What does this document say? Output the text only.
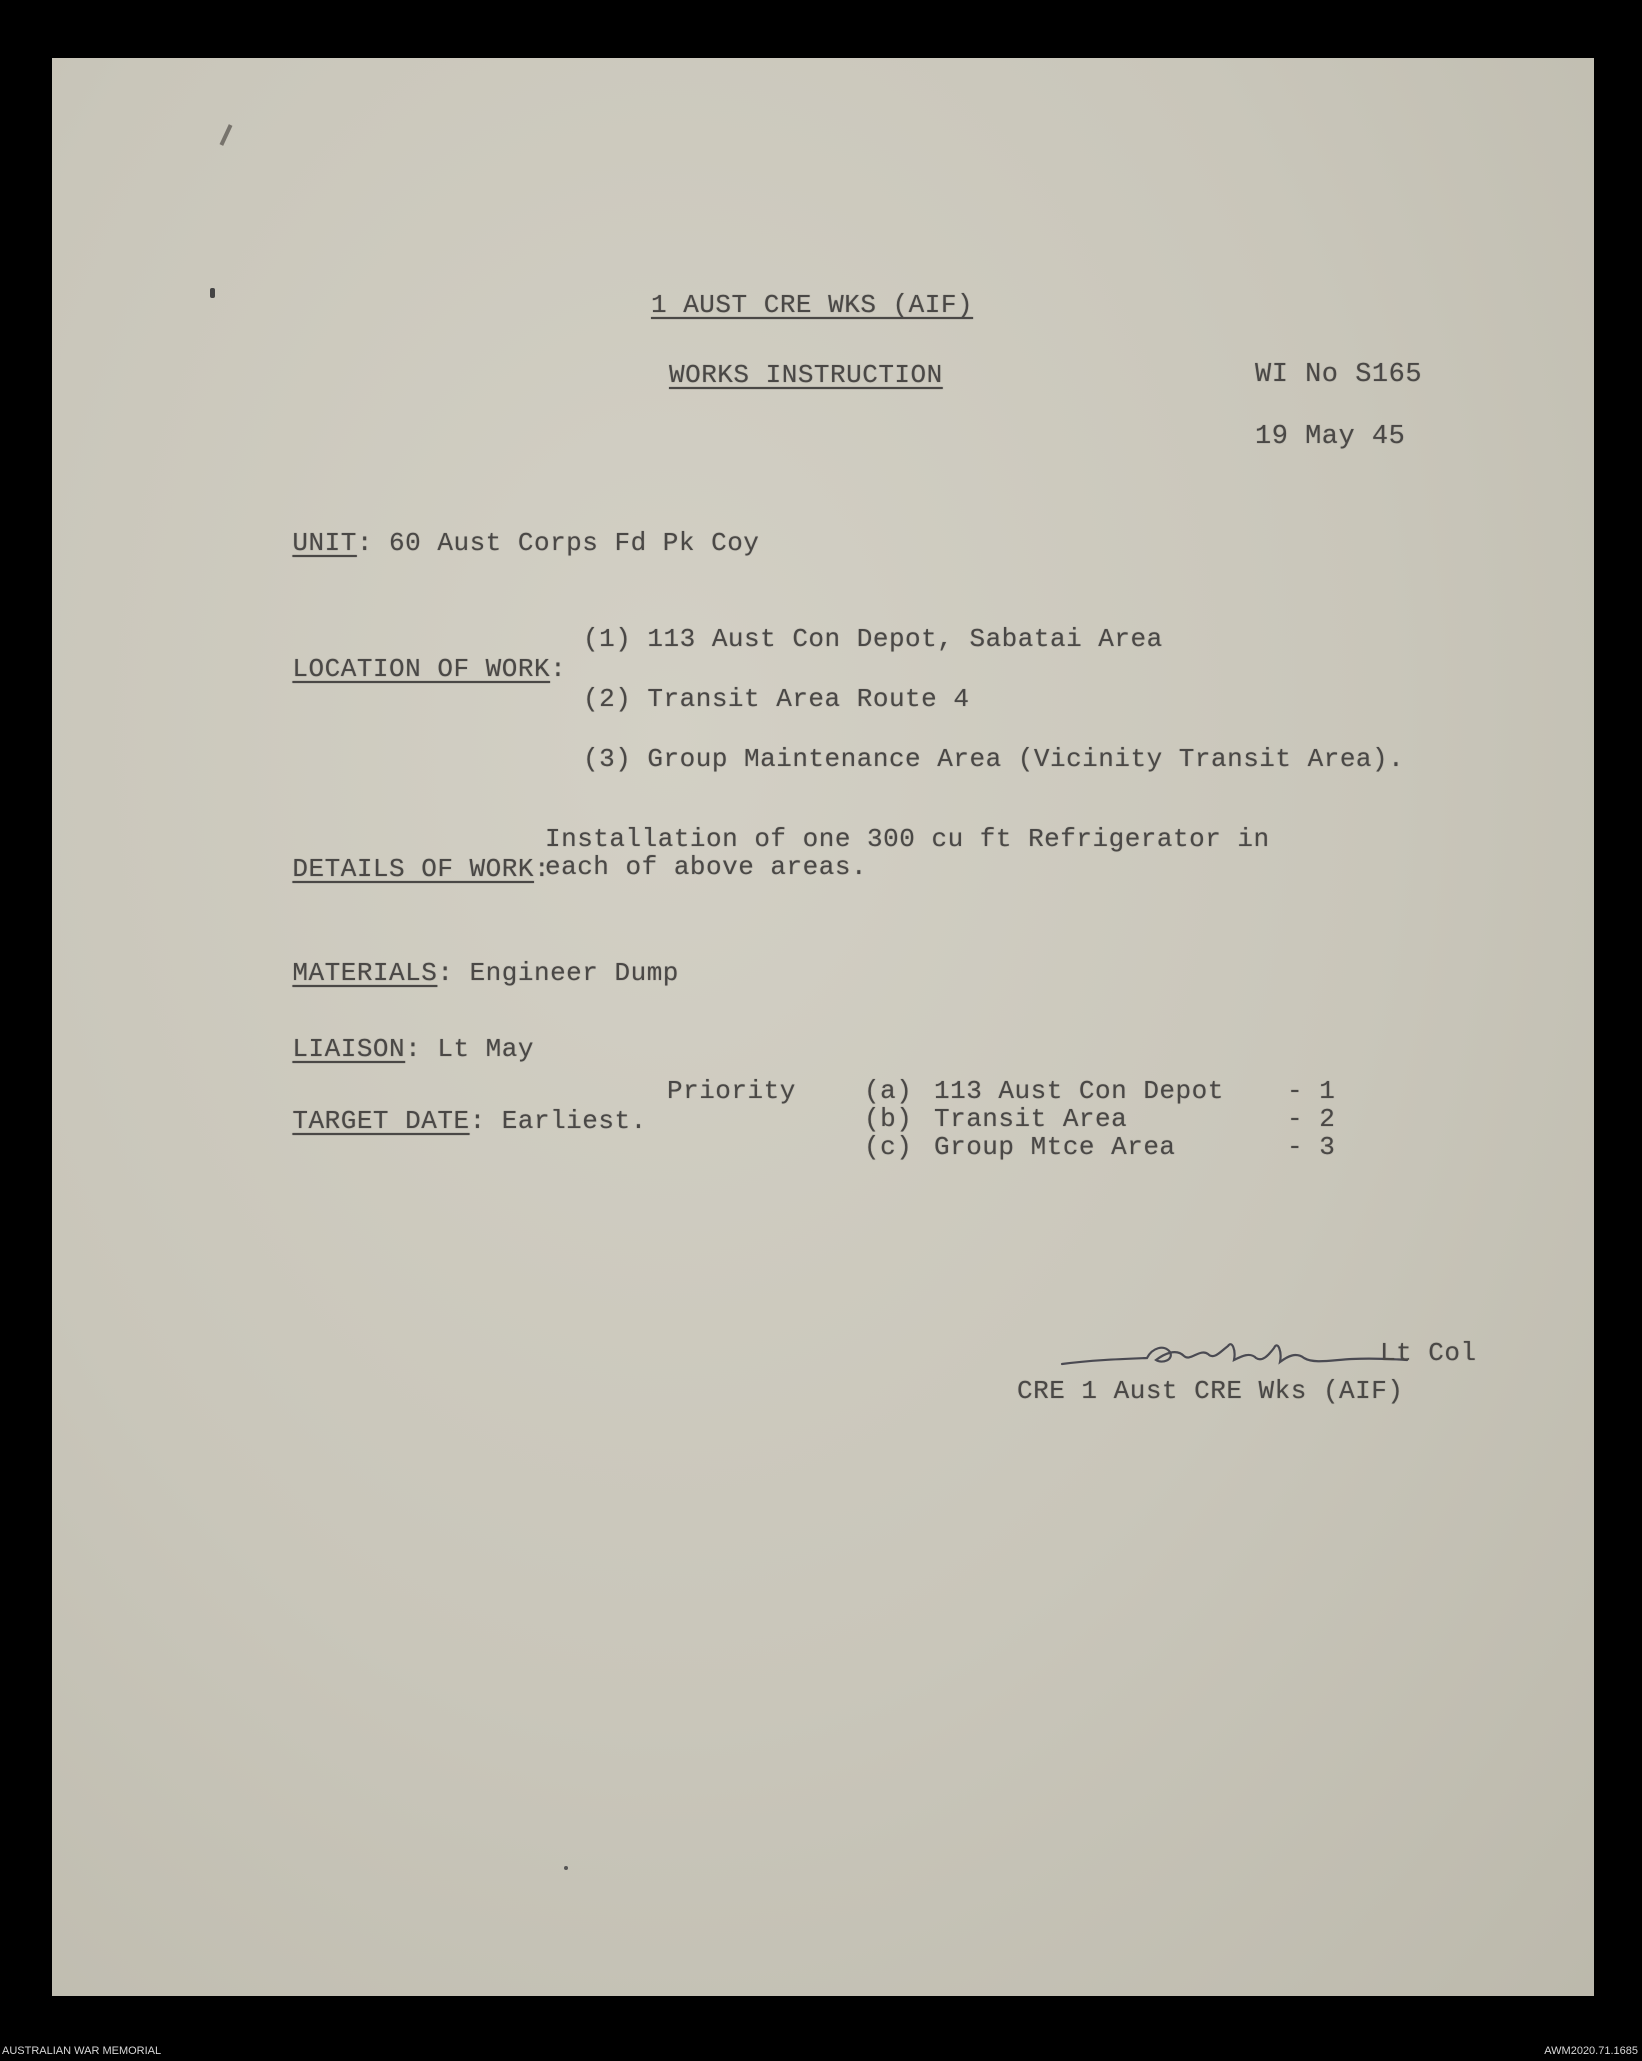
1 AUST CRE WKS (AIF)
WORKS INSTRUCTION	WI No S165
19 May 45

UNIT: 60 Aust Corps Fd Pk Coy

LOCATION OF WORK:

(1) 113 Aust Con Depot, Sabatai Area
(2) Transit Area Route 4
(3) Group Maintenance Area (Vicinity Transit Area).

DETAILS OF WORK:

Installation of one 300 cu ft Refrigerator in
each of above areas.

MATERIALS: Engineer Dump

LIAISON: Lt May

TARGET DATE: Earliest.

Priority	(a) 113 Aust Con Depot - 1
(b) Transit Area	- 2
(c) Group Mtce Area	- 3
Lt Col
CRE 1 Aust CRE Wks (AIF)
AUSTRALIAN WAR MEMORIAL	AWM2020.71.1685
